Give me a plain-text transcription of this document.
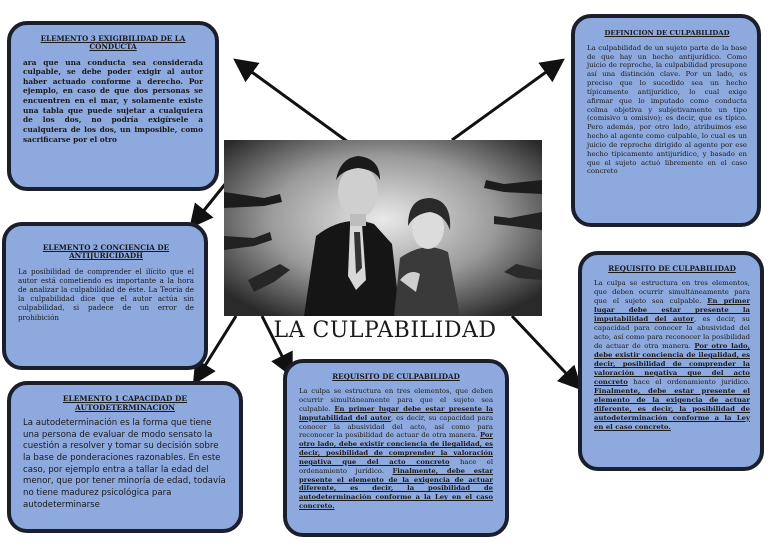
LA CULPABILIDAD
ELEMENTO 3 EXIGIBILIDAD DE LA CONDUCTA

ara que una conducta sea considerada culpable, se debe poder exigir al autor haber actuado conforme a derecho. Por ejemplo, en caso de que dos personas se encuentren en el mar, y solamente existe una tabla que puede sujetar a cualquiera de los dos, no podría exigírsele a cualquiera de los dos, un imposible, como sacrificarse por el otro

DEFINICION DE CULPABILIDAD

La culpabilidad de un sujeto parte de la base de que hay un hecho antijurídico. Como juicio de reproche, la culpabilidad presupone así una distinción clave. Por un lado, es preciso que lo sucedido sea un hecho típicamente antijurídico, lo cual exige afirmar que lo imputado como conducta colma objetiva y subjetivamente un tipo (comisivo u omisivo); es decir, que es típico. Pero además, por otro lado, atribuimos ese hecho al agente como culpable, lo cual es un juicio de reproche dirigido al agente por ese hecho típicamente antijurídico, y basado en que el sujeto actuó libremente en el caso concreto

ELEMENTO 2 CONCIENCIA DE ANTIJURICIDADH

La posibilidad de comprender el ilícito que el autor está cometiendo es importante a la hora de analizar la culpabilidad de éste. La Teoría de la culpabilidad dice que el autor actúa sin culpabilidad, si padece de un error de prohibición

ELEMENTO 1 CAPACIDAD DE AUTODETERMINACION

La autodeterminación es la forma que tiene una persona de evaluar de modo sensato la cuestión a resolver y tomar su decisión sobre la base de ponderaciones razonables. En este caso, por ejemplo entra a tallar la edad del menor, que por tener minoría de edad, todavía no tiene madurez psicológica para autodeterminarse

REQUISITO DE CULPABILIDAD

La culpa se estructura en tres elementos, que deben ocurrir simultáneamente para que el sujeto sea culpable. En primer lugar debe estar presente la imputabilidad del autor, es decir, su capacidad para conocer la abusividad del acto, así como para reconocer la posibilidad de actuar de otra manera. Por otro lado, debe existir conciencia de ilegalidad, es decir, posibilidad de comprender la valoración negativa que del acto concreto hace el ordenamiento jurídico. Finalmente, debe estar presente el elemento de la exigencia de actuar diferente, es decir, la posibilidad de autodeterminación conforme a la Ley en el caso concreto.

REQUISITO DE CULPABILIDAD

La culpa se estructura en tres elementos, que deben ocurrir simultáneamente para que el sujeto sea culpable. En primer lugar debe estar presente la imputabilidad del autor, es decir, su capacidad para conocer la abusividad del acto, así como para reconocer la posibilidad de actuar de otra manera. Por otro lado, debe existir conciencia de ilegalidad, es decir, posibilidad de comprender la valoración negativa que del acto concreto hace el ordenamiento jurídico. Finalmente, debe estar presente el elemento de la exigencia de actuar diferente, es decir, la posibilidad de autodeterminación conforme a la Ley en el caso concreto.
